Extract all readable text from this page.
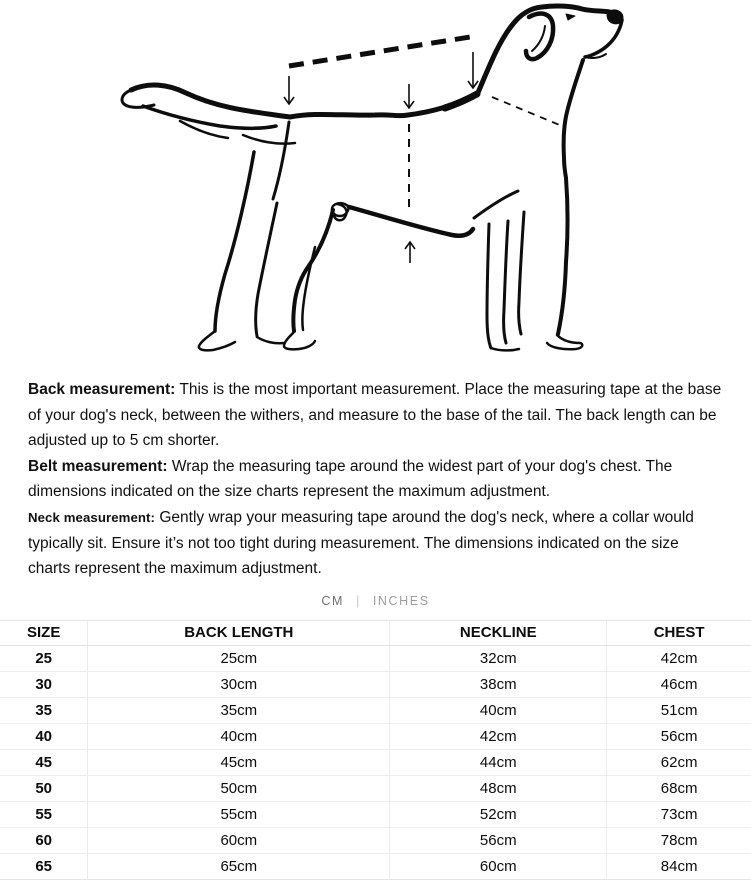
Back measurement: This is the most important measurement. Place the measuring tape at the base of your dog's neck, between the withers, and measure to the base of the tail. The back length can be adjusted up to 5 cm shorter.

Belt measurement: Wrap the measuring tape around the widest part of your dog's chest. The dimensions indicated on the size charts represent the maximum adjustment.

Neck measurement: Gently wrap your measuring tape around the dog's neck, where a collar would typically sit. Ensure it’s not too tight during measurement. The dimensions indicated on the size charts represent the maximum adjustment.

CM | INCHES
SIZE	BACK LENGTH	NECKLINE	CHEST
25	25cm	32cm	42cm
30	30cm	38cm	46cm
35	35cm	40cm	51cm
40	40cm	42cm	56cm
45	45cm	44cm	62cm
50	50cm	48cm	68cm
55	55cm	52cm	73cm
60	60cm	56cm	78cm
65	65cm	60cm	84cm
